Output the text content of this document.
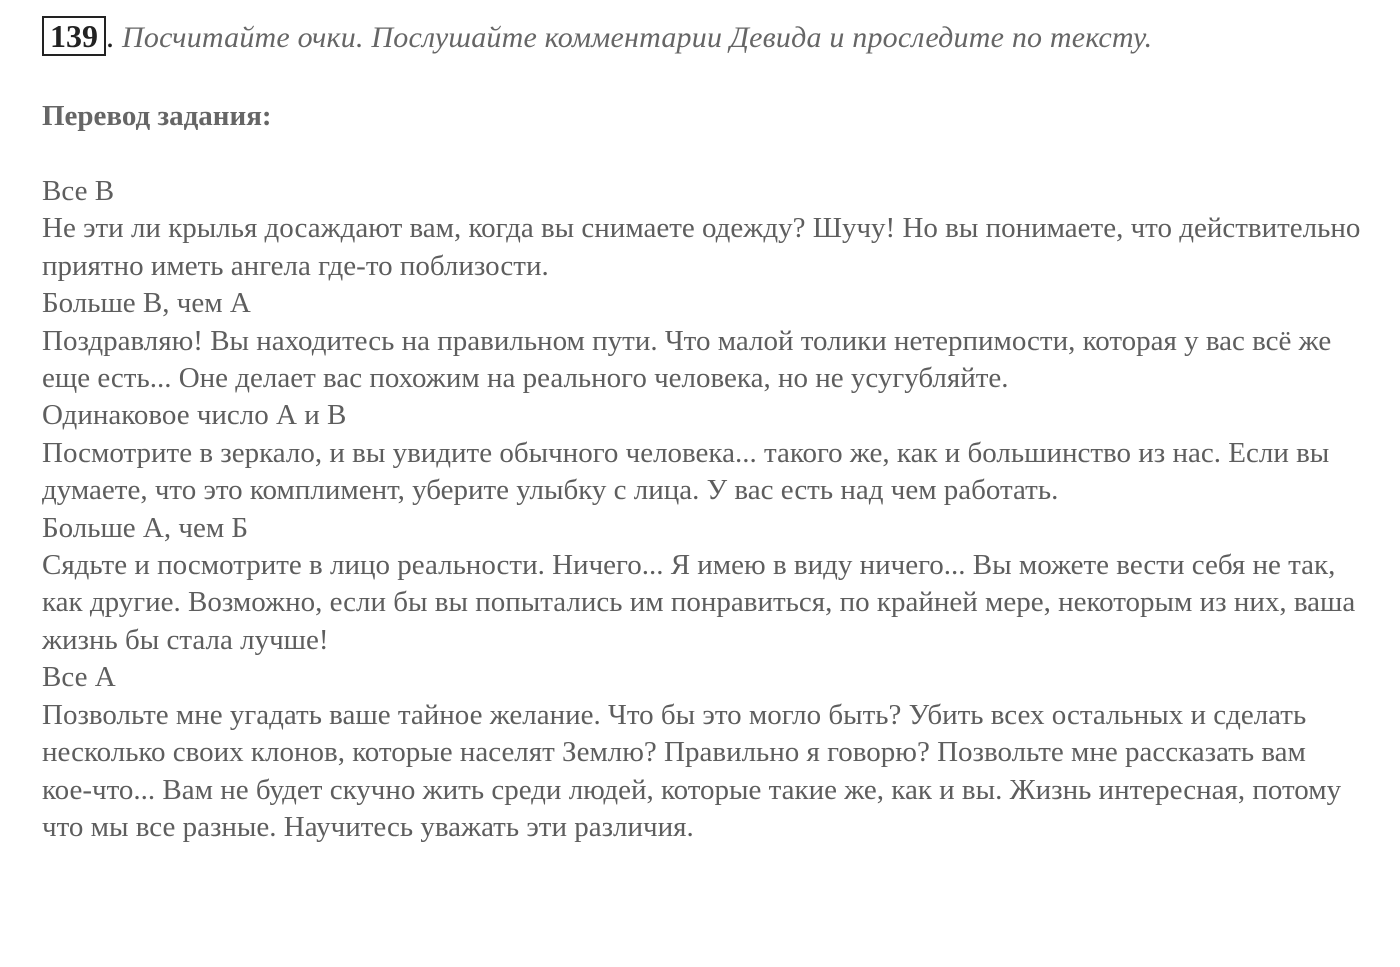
139 . Посчитайте очки. Послушайте комментарии Девида и проследите по тексту.
Перевод задания:

Все В

Не эти ли крылья досаждают вам, когда вы снимаете одежду? Шучу! Но вы понимаете, что действительно приятно иметь ангела где-то поблизости.

Больше В, чем А

Поздравляю! Вы находитесь на правильном пути. Что малой толики нетерпимости, которая у вас всё же еще есть... Оне делает вас похожим на реального человека, но не усугубляйте.

Одинаковое число А и В

Посмотрите в зеркало, и вы увидите обычного человека... такого же, как и большинство из нас. Если вы думаете, что это комплимент, уберите улыбку с лица. У вас есть над чем работать.

Больше А, чем Б

Сядьте и посмотрите в лицо реальности. Ничего... Я имею в виду ничего... Вы можете вести себя не так, как другие. Возможно, если бы вы попытались им понравиться, по крайней мере, некоторым из них, ваша жизнь бы стала лучше!

Все А

Позвольте мне угадать ваше тайное желание. Что бы это могло быть? Убить всех остальных и сделать несколько своих клонов, которые населят Землю? Правильно я говорю? Позвольте мне рассказать вам кое-что... Вам не будет скучно жить среди людей, которые такие же, как и вы. Жизнь интересная, потому что мы все разные. Научитесь уважать эти различия.
